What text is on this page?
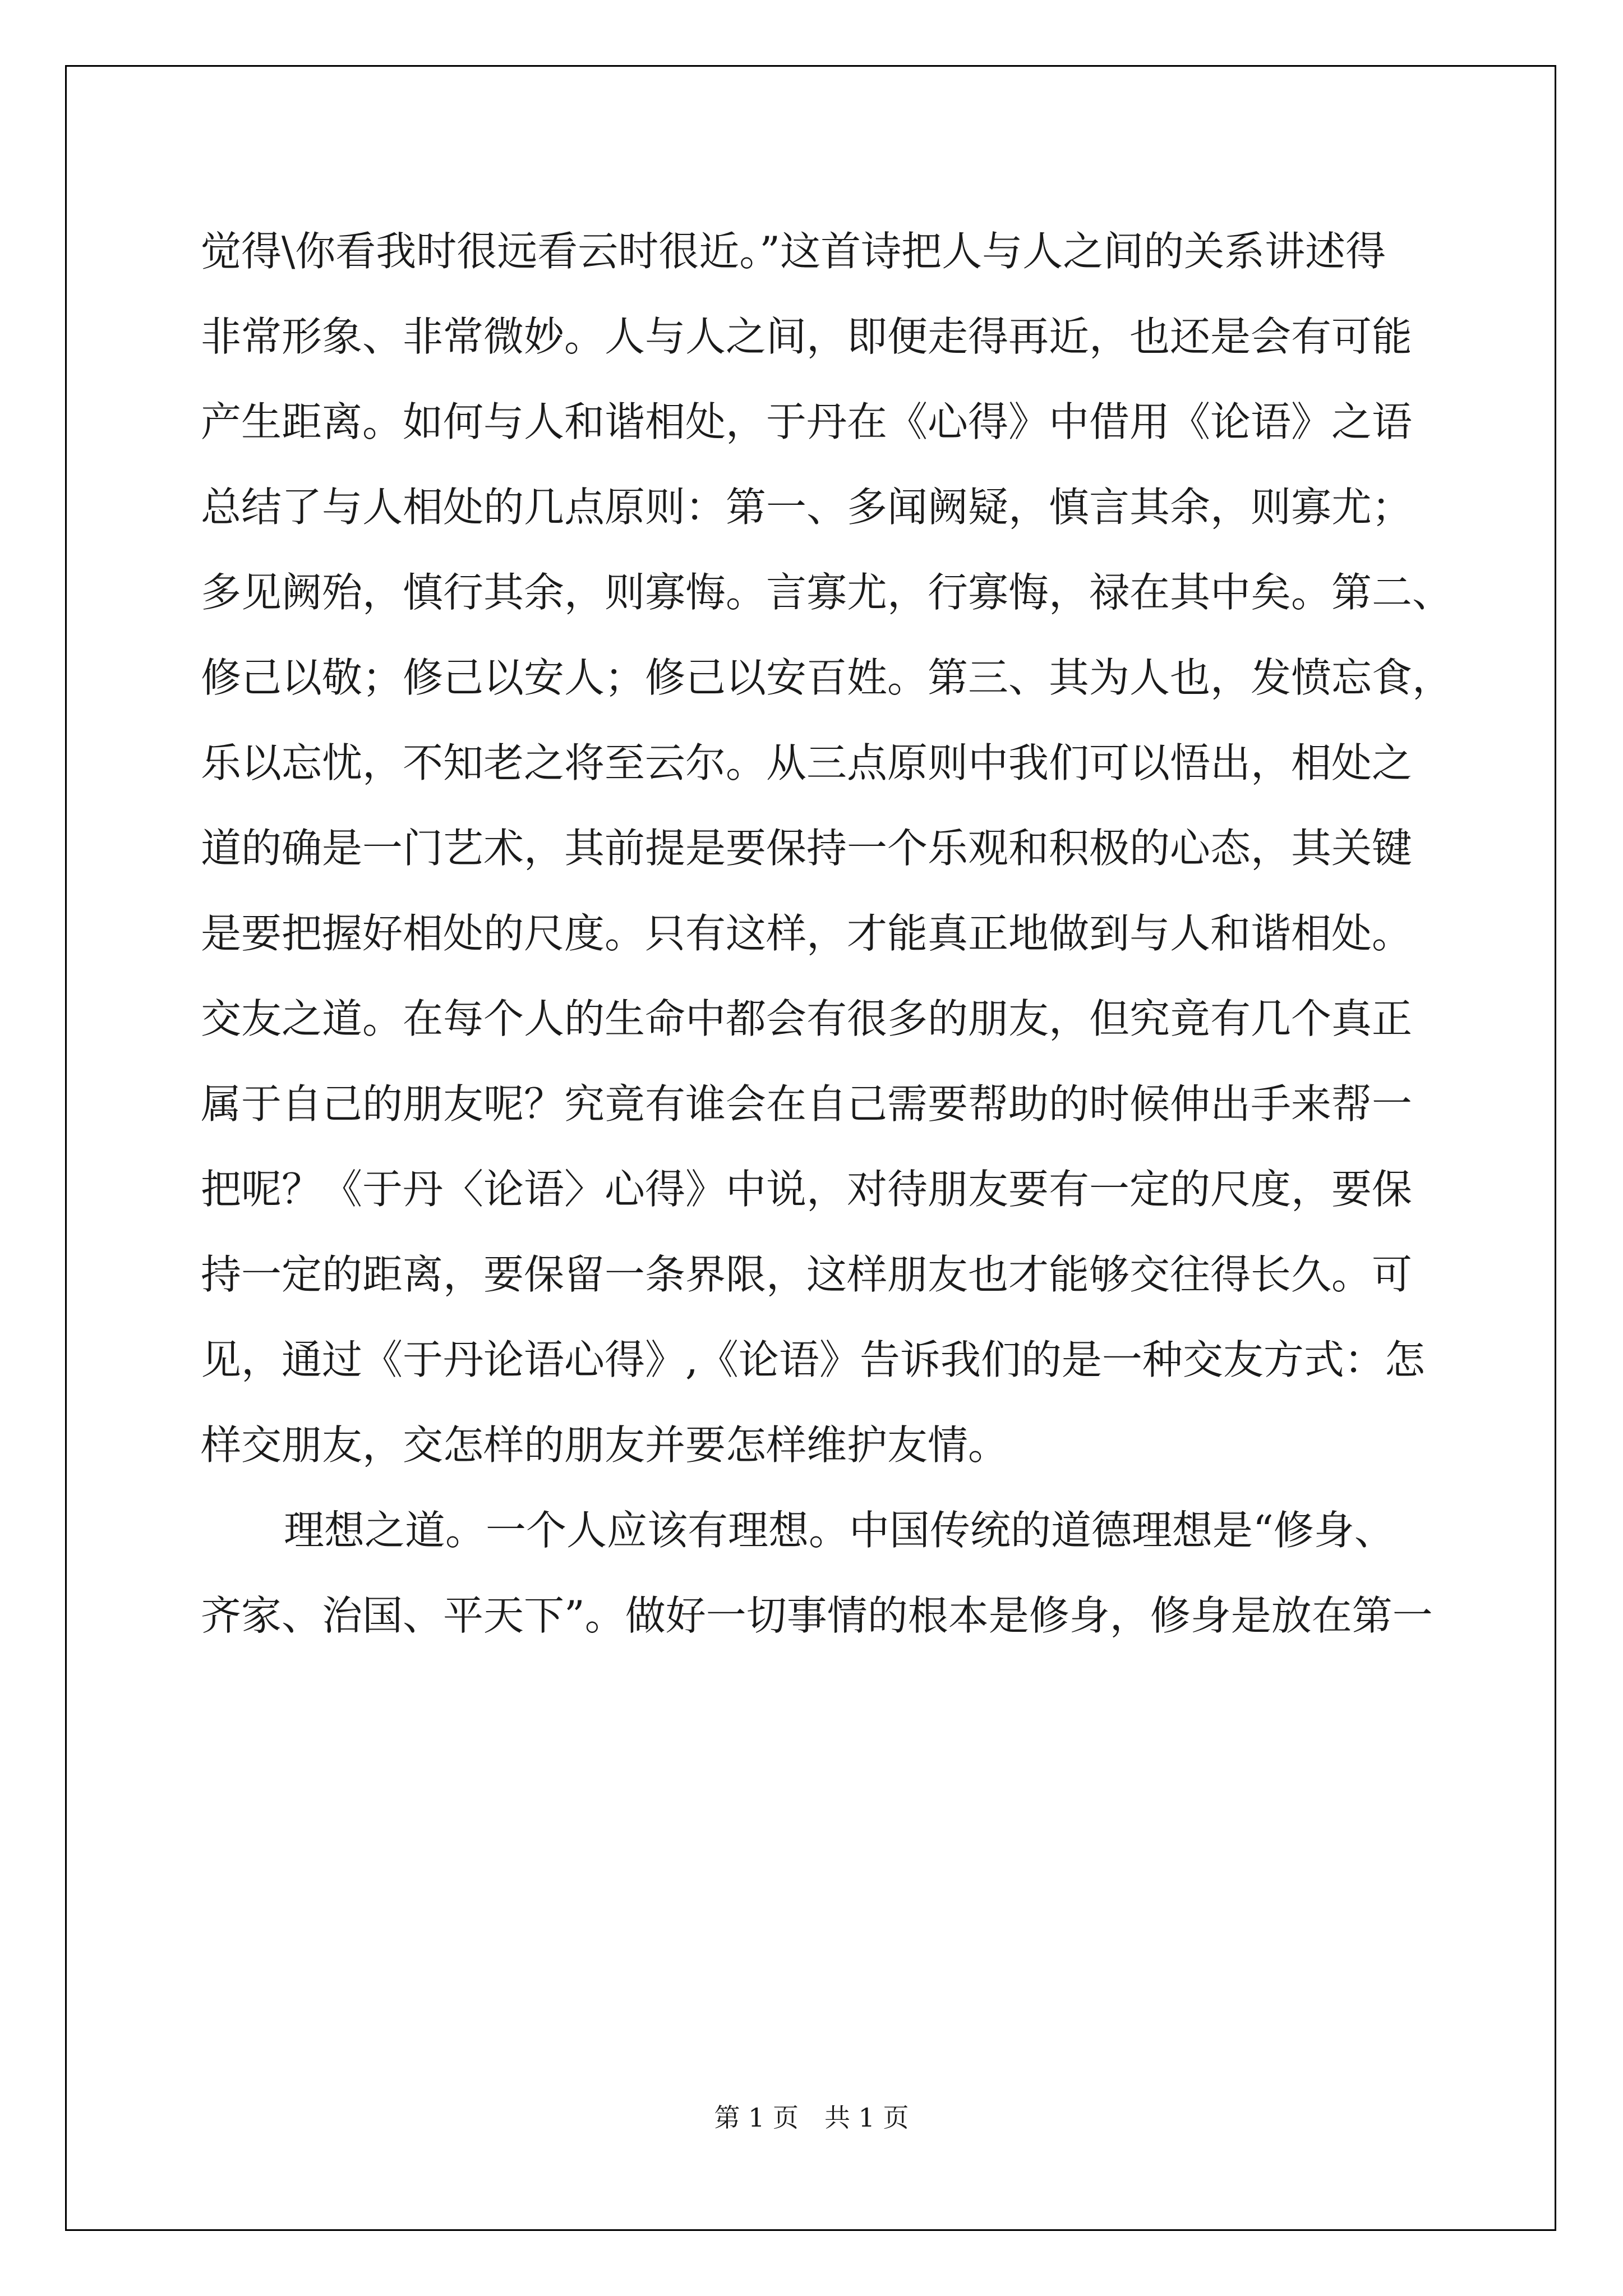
觉得\你看我时很远看云时很近。”这首诗把人与人之间的关系讲述得
非常形象、非常微妙。人与人之间，即便走得再近，也还是会有可能
产生距离。如何与人和谐相处，于丹在《心得》中借用《论语》之语
总结了与人相处的几点原则：第一、多闻阙疑，慎言其余，则寡尤；
多见阙殆，慎行其余，则寡悔。言寡尤，行寡悔，禄在其中矣。第二、
修己以敬；修己以安人；修己以安百姓。第三、其为人也，发愤忘食，
乐以忘忧，不知老之将至云尔。从三点原则中我们可以悟出，相处之
道的确是一门艺术，其前提是要保持一个乐观和积极的心态，其关键
是要把握好相处的尺度。只有这样，才能真正地做到与人和谐相处。
交友之道。在每个人的生命中都会有很多的朋友，但究竟有几个真正
属于自己的朋友呢？究竟有谁会在自己需要帮助的时候伸出手来帮一
把呢？《于丹〈论语〉心得》中说，对待朋友要有一定的尺度，要保
持一定的距离，要保留一条界限，这样朋友也才能够交往得长久。可
见，通过《于丹论语心得》,《论语》告诉我们的是一种交友方式：怎
样交朋友，交怎样的朋友并要怎样维护友情。
理想之道。一个人应该有理想。中国传统的道德理想是“修身、
齐家、治国、平天下”。做好一切事情的根本是修身，修身是放在第一
第 1 页　共 1 页
